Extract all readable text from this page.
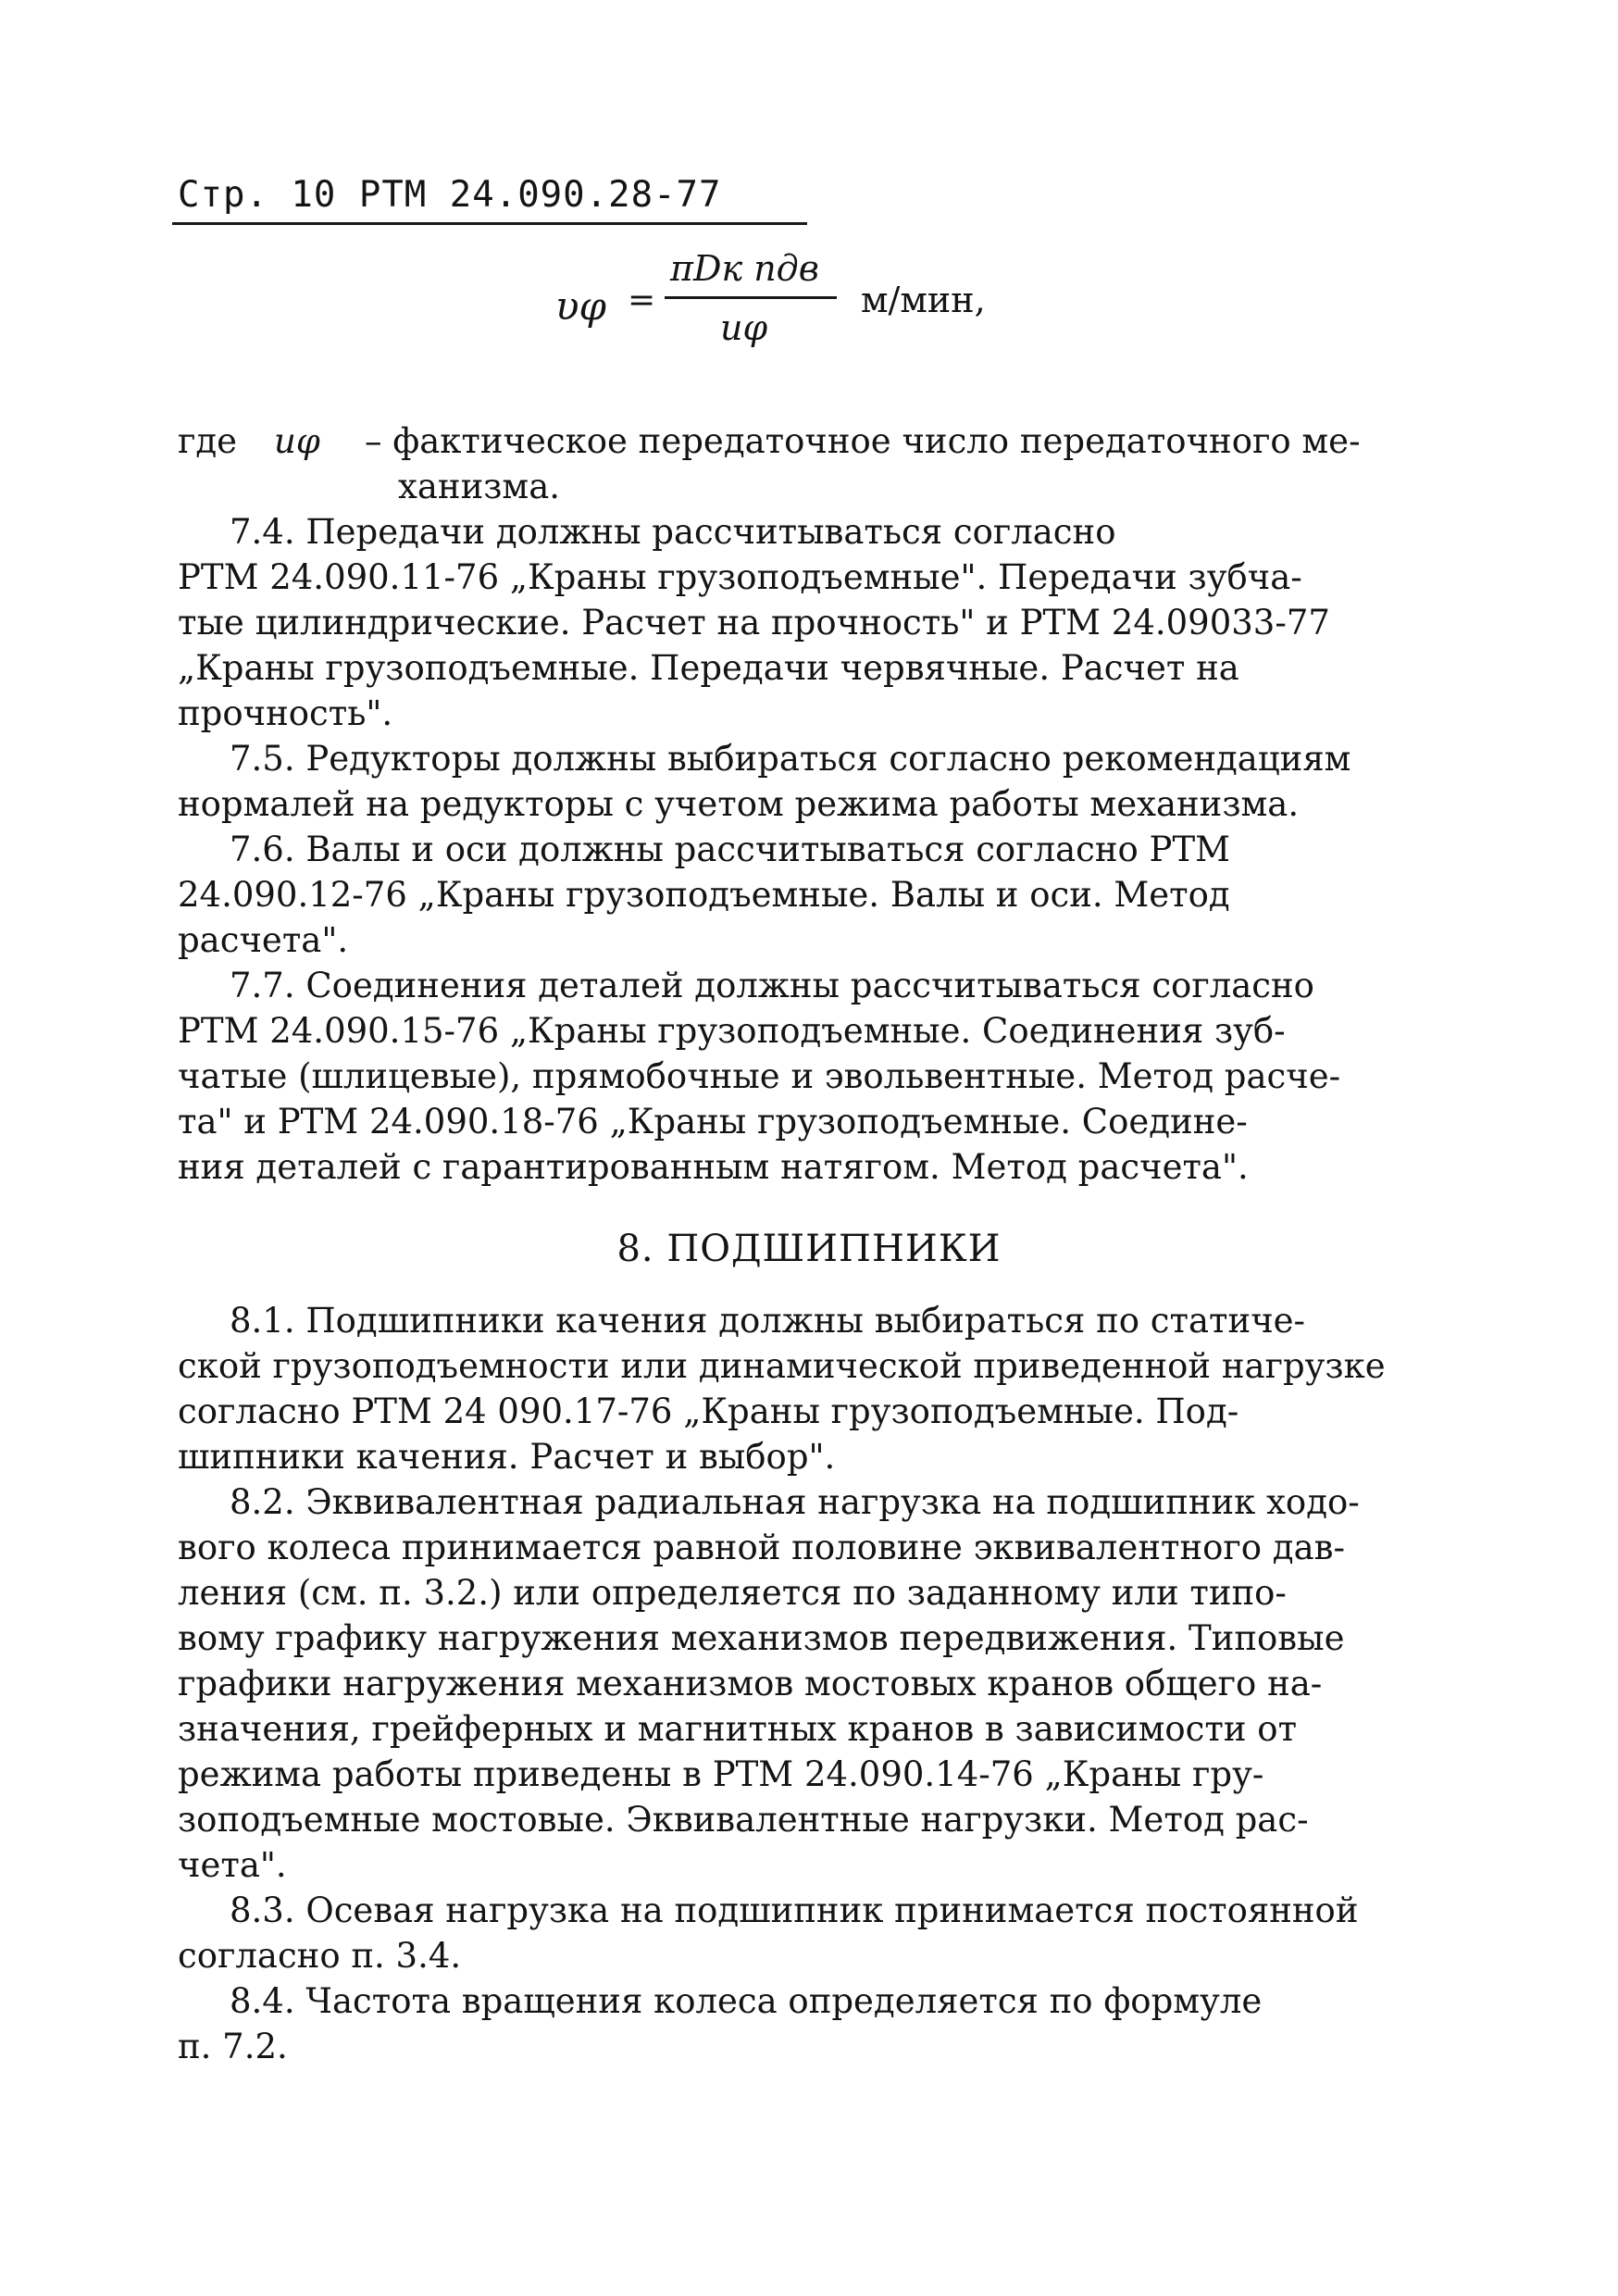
Стр. 10 РТМ 24.090.28-77
υφ =
πDк nдв
uφ
м/мин,
где uφ – фактическое передаточное число передаточного ме-
ханизма.
7.4. Передачи должны рассчитываться согласно
РТМ 24.090.11-76 „Краны грузоподъемные". Передачи зубча-
тые цилиндрические. Расчет на прочность" и РТМ 24.09033-77
„Краны грузоподъемные. Передачи червячные. Расчет на
прочность".
7.5. Редукторы должны выбираться согласно рекомендациям
нормалей на редукторы с учетом режима работы механизма.
7.6. Валы и оси должны рассчитываться согласно РТМ
24.090.12-76 „Краны грузоподъемные. Валы и оси. Метод
расчета".
7.7. Соединения деталей должны рассчитываться согласно
РТМ 24.090.15-76 „Краны грузоподъемные. Соединения зуб-
чатые (шлицевые), прямобочные и эвольвентные. Метод расче-
та" и РТМ 24.090.18-76 „Краны грузоподъемные. Соедине-
ния деталей с гарантированным натягом. Метод расчета".
8. ПОДШИПНИКИ
8.1. Подшипники качения должны выбираться по статиче-
ской грузоподъемности или динамической приведенной нагрузке
согласно РТМ 24 090.17-76 „Краны грузоподъемные. Под-
шипники качения. Расчет и выбор".
8.2. Эквивалентная радиальная нагрузка на подшипник ходо-
вого колеса принимается равной половине эквивалентного дав-
ления (см. п. 3.2.) или определяется по заданному или типо-
вому графику нагружения механизмов передвижения. Типовые
графики нагружения механизмов мостовых кранов общего на-
значения, грейферных и магнитных кранов в зависимости от
режима работы приведены в РТМ 24.090.14-76 „Краны гру-
зоподъемные мостовые. Эквивалентные нагрузки. Метод рас-
чета".
8.3. Осевая нагрузка на подшипник принимается постоянной
согласно п. 3.4.
8.4. Частота вращения колеса определяется по формуле
п. 7.2.
